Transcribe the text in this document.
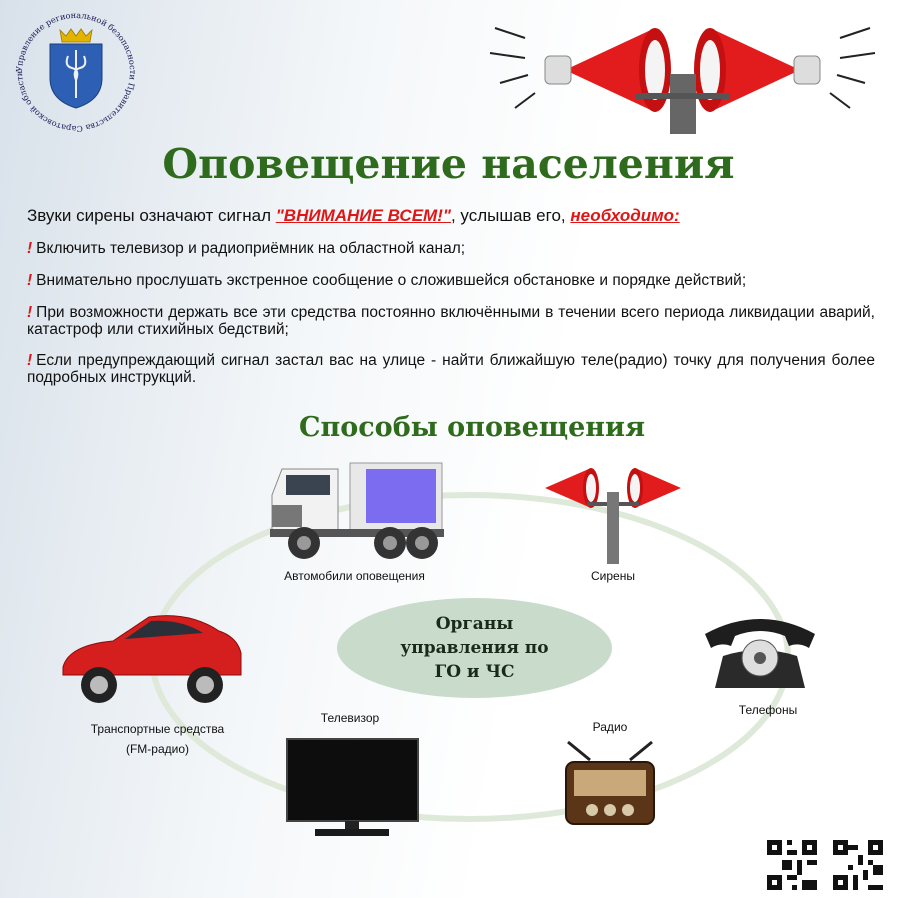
Управление региональной безопасности Правительства Саратовской области
Оповещение населения
Звуки сирены означают сигнал "ВНИМАНИЕ ВСЕМ!", услышав его, необходимо:
! Включить телевизор и радиоприёмник на областной канал;
! Внимательно прослушать экстренное сообщение о сложившейся обстановке и порядке действий;
! При возможности держать все эти средства постоянно включёнными в течении всего периода ликвидации аварий, катастроф или стихийных бедствий;
! Если предупреждающий сигнал застал вас на улице - найти ближайшую теле(радио) точку для получения более подробных инструкций.
Способы оповещения
Органы
управления по
ГО и ЧС
Автомобили оповещения	Сирены
Транспортные средства
(FM-радио)
Телефоны
Радио
Телевизор
